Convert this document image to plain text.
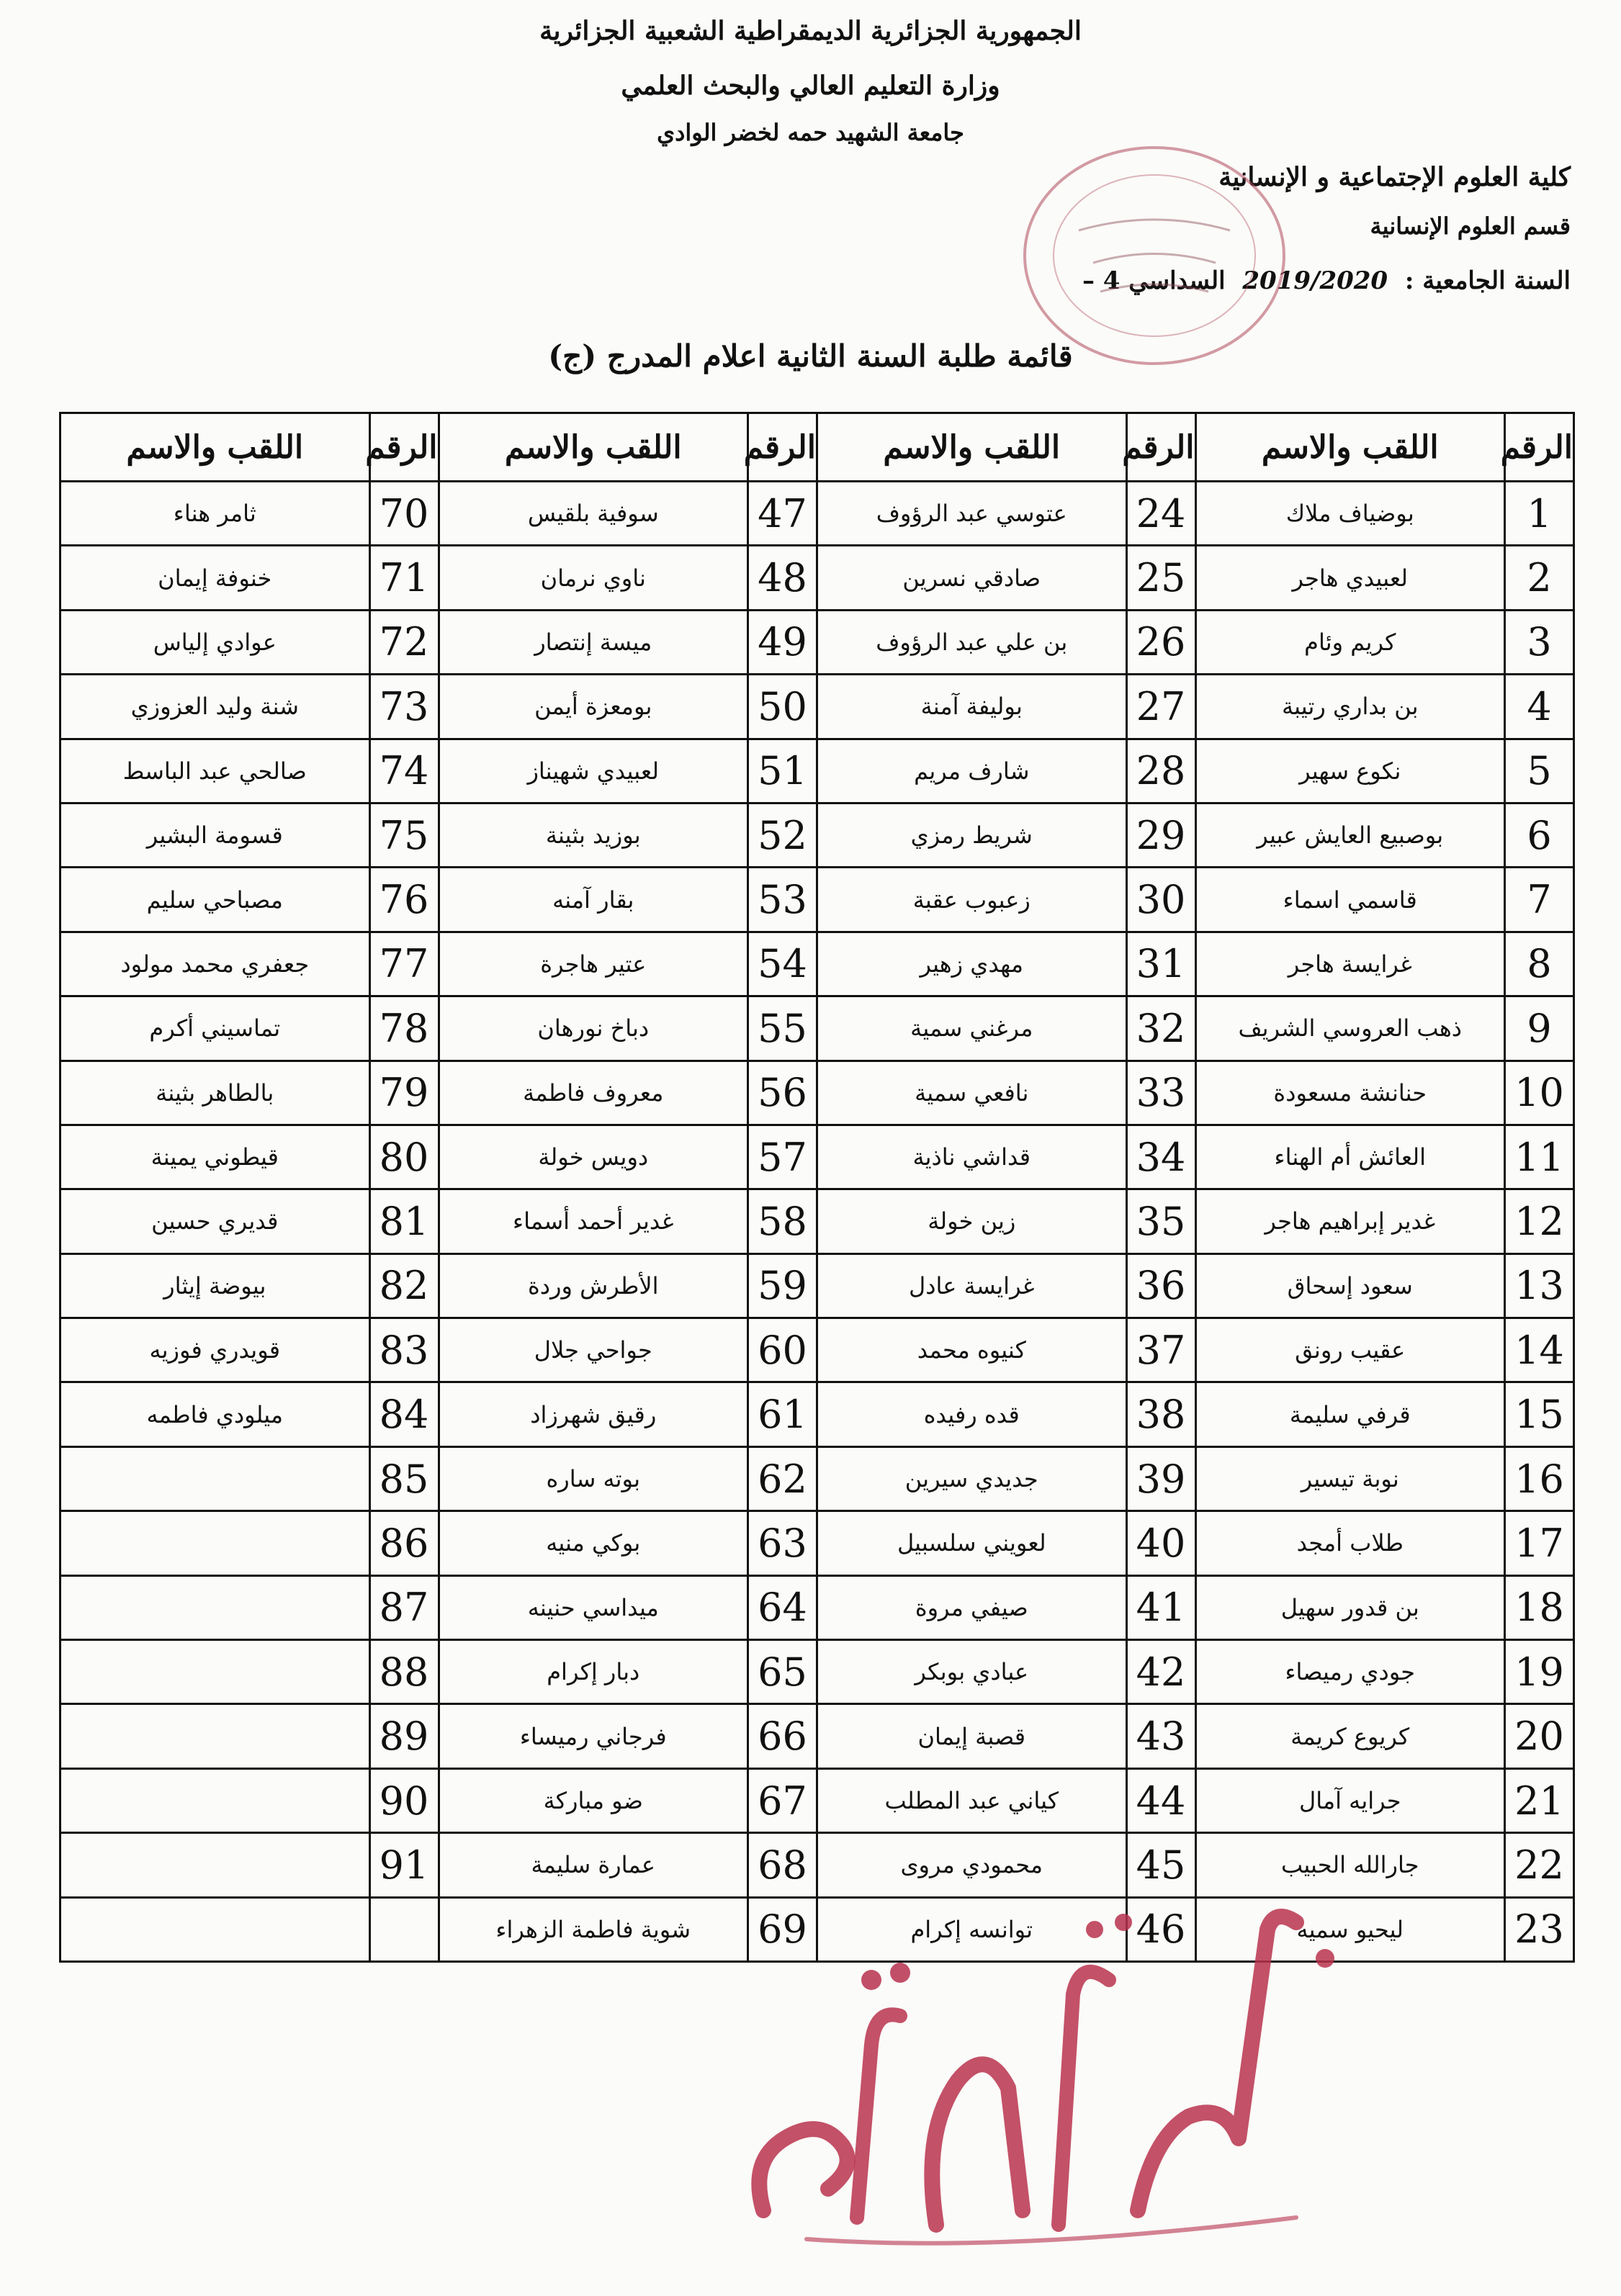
الجمهورية الجزائرية الديمقراطية الشعبية الجزائرية
وزارة التعليم العالي والبحث العلمي
جامعة الشهيد حمه لخضر الوادي
كلية العلوم الإجتماعية و الإنسانية
قسم العلوم الإنسانية
السنة الجامعية : 2019/2020 السداسي 4 –
قائمة طلبة السنة الثانية اعلام المدرج (ج)
الرقم	اللقب والاسم	الرقم	اللقب والاسم	الرقم	اللقب والاسم	الرقم	اللقب والاسم
1	بوضياف ملاك	24	عتوسي عبد الرؤوف	47	سوفية بلقيس	70	ثامر هناء
2	لعبيدي هاجر	25	صادقي نسرين	48	ناوي نرمان	71	خنوفة إيمان
3	كريم وئام	26	بن علي عبد الرؤوف	49	ميسة إنتصار	72	عوادي إلياس
4	بن بداري رتيبة	27	بوليفة آمنة	50	بومعزة أيمن	73	شنة وليد العزوزي
5	نكوع سهير	28	شارف مريم	51	لعبيدي شهيناز	74	صالحي عبد الباسط
6	بوصبيع العايش عبير	29	شريط رمزي	52	بوزيد بثينة	75	قسومة البشير
7	قاسمي اسماء	30	زعبوب عقبة	53	بقار آمنه	76	مصباحي سليم
8	غرايسة هاجر	31	مهدي زهير	54	عتير هاجرة	77	جعفري محمد مولود
9	ذهب العروسي الشريف	32	مرغني سمية	55	دباخ نورهان	78	تماسيني أكرم
10	حنانشة مسعودة	33	نافعي سمية	56	معروف فاطمة	79	بالطاهر بثينة
11	العائش أم الهناء	34	قداشي ناذية	57	دويس خولة	80	قيطوني يمينة
12	غدير إبراهيم هاجر	35	زين خولة	58	غدير أحمد أسماء	81	قديري حسين
13	سعود إسحاق	36	غرايسة عادل	59	الأطرش وردة	82	بيوضة إيثار
14	عقيب رونق	37	كنيوه محمد	60	جواحي جلال	83	قويدري فوزيه
15	قرفي سليمة	38	قده رفيده	61	رقيق شهرزاد	84	ميلودي فاطمه
16	نوبة تيسير	39	جديدي سيرين	62	بوته ساره	85	
17	طلاب أمجد	40	لعويني سلسبيل	63	بوكي منيه	86	
18	بن قدور سهيل	41	صيفي مروة	64	ميداسي حنينه	87	
19	جودي رميصاء	42	عبادي بوبكر	65	دبار إكرام	88	
20	كريوع كريمة	43	قصبة إيمان	66	فرجاني رميساء	89	
21	جرايه آمال	44	كياني عبد المطلب	67	ضو مباركة	90	
22	جارالله الحبيب	45	محمودي مروى	68	عمارة سليمة	91	
23	ليحيو سميه	46	توانسه إكرام	69	شوية فاطمة الزهراء		
